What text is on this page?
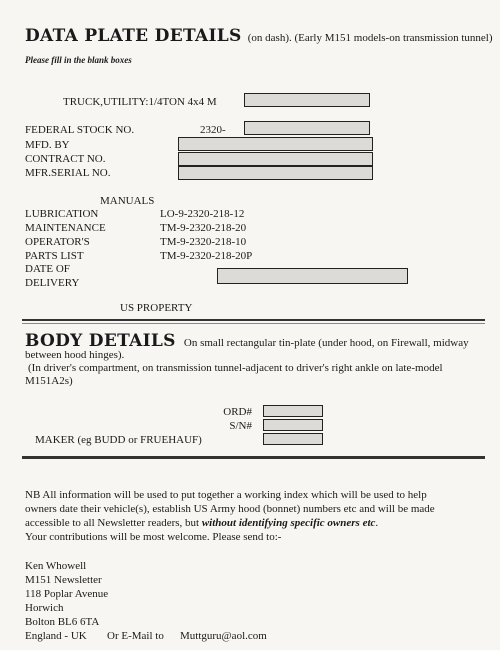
DATA PLATE DETAILS (on dash). (Early M151 models-on transmission tunnel)
Please fill in the blank boxes
TRUCK,UTILITY:1/4TON 4x4 M
FEDERAL STOCK NO.	2320-
MFD. BY
CONTRACT NO.
MFR.SERIAL NO.
MANUALS
LUBRICATION	LO-9-2320-218-12
MAINTENANCE	TM-9-2320-218-20
OPERATOR'S	TM-9-2320-218-10
PARTS LIST	TM-9-2320-218-20P
DATE OF
DELIVERY
US PROPERTY
BODY DETAILS On small rectangular tin-plate (under hood, on Firewall, midway
between hood hinges).
(In driver's compartment, on transmission tunnel-adjacent to driver's right ankle on late-model
M151A2s)
ORD#
S/N#
MAKER (eg BUDD or FRUEHAUF)
NB All information will be used to put together a working index which will be used to help
owners date their vehicle(s), establish US Army hood (bonnet) numbers etc and will be made
accessible to all Newsletter readers, but without identifying specific owners etc.
Your contributions will be most welcome. Please send to:-
Ken Whowell
M151 Newsletter
118 Poplar Avenue
Horwich
Bolton BL6 6TA
England - UK Or E-Mail to Muttguru@aol.com
